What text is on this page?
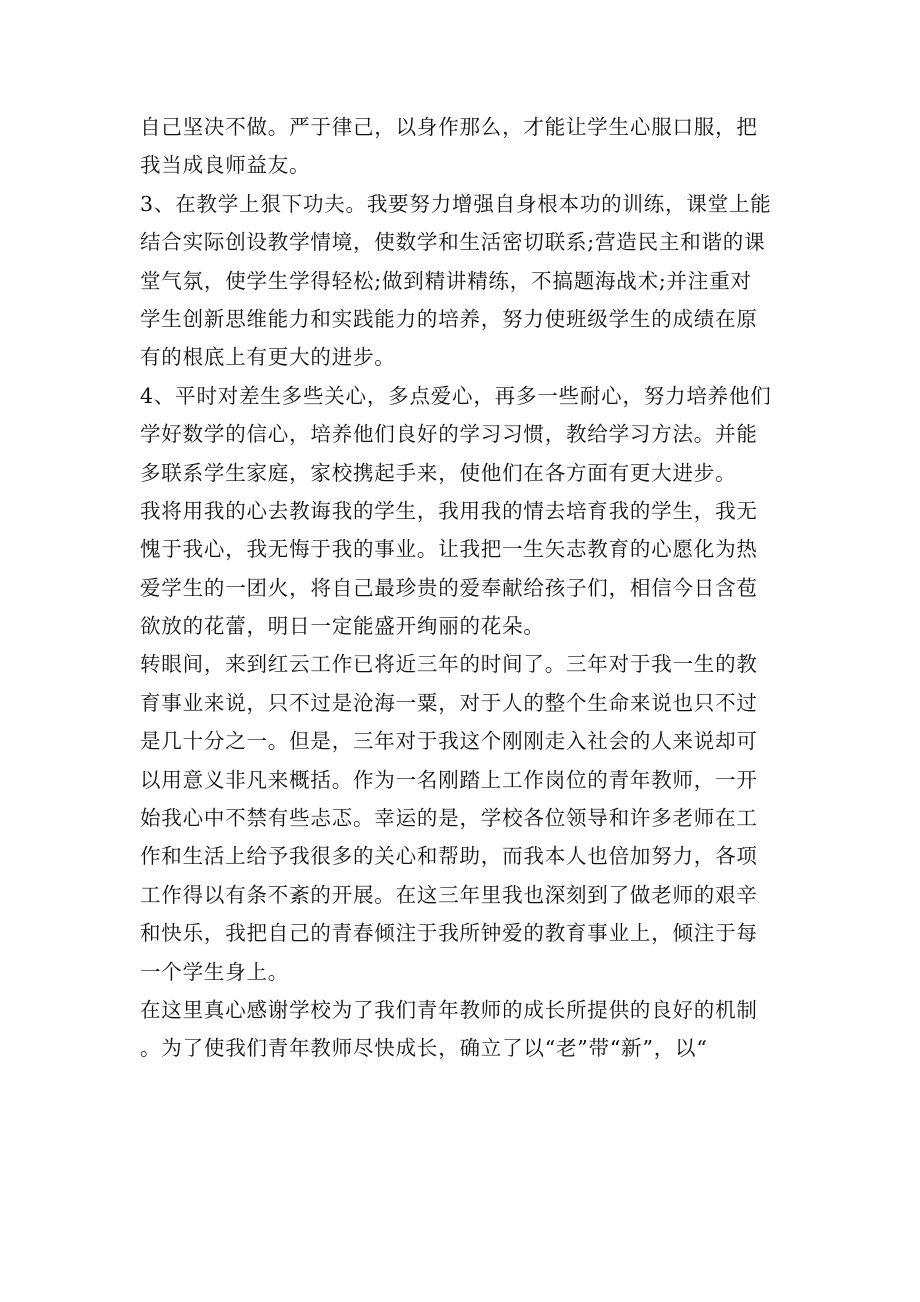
自己坚决不做。严于律己，以身作那么，才能让学生心服口服，把
我当成良师益友。
3、在教学上狠下功夫。我要努力增强自身根本功的训练，课堂上能
结合实际创设教学情境，使数学和生活密切联系;营造民主和谐的课
堂气氛，使学生学得轻松;做到精讲精练，不搞题海战术;并注重对
学生创新思维能力和实践能力的培养，努力使班级学生的成绩在原
有的根底上有更大的进步。
4、平时对差生多些关心，多点爱心，再多一些耐心，努力培养他们
学好数学的信心，培养他们良好的学习习惯，教给学习方法。并能
多联系学生家庭，家校携起手来，使他们在各方面有更大进步。
我将用我的心去教诲我的学生，我用我的情去培育我的学生，我无
愧于我心，我无悔于我的事业。让我把一生矢志教育的心愿化为热
爱学生的一团火，将自己最珍贵的爱奉献给孩子们，相信今日含苞
欲放的花蕾，明日一定能盛开绚丽的花朵。
转眼间，来到红云工作已将近三年的时间了。三年对于我一生的教
育事业来说，只不过是沧海一粟，对于人的整个生命来说也只不过
是几十分之一。但是，三年对于我这个刚刚走入社会的人来说却可
以用意义非凡来概括。作为一名刚踏上工作岗位的青年教师，一开
始我心中不禁有些忐忑。幸运的是，学校各位领导和许多老师在工
作和生活上给予我很多的关心和帮助，而我本人也倍加努力，各项
工作得以有条不紊的开展。在这三年里我也深刻到了做老师的艰辛
和快乐，我把自己的青春倾注于我所钟爱的教育事业上，倾注于每
一个学生身上。
在这里真心感谢学校为了我们青年教师的成长所提供的良好的机制
。为了使我们青年教师尽快成长，确立了以“老”带“新”，以“
